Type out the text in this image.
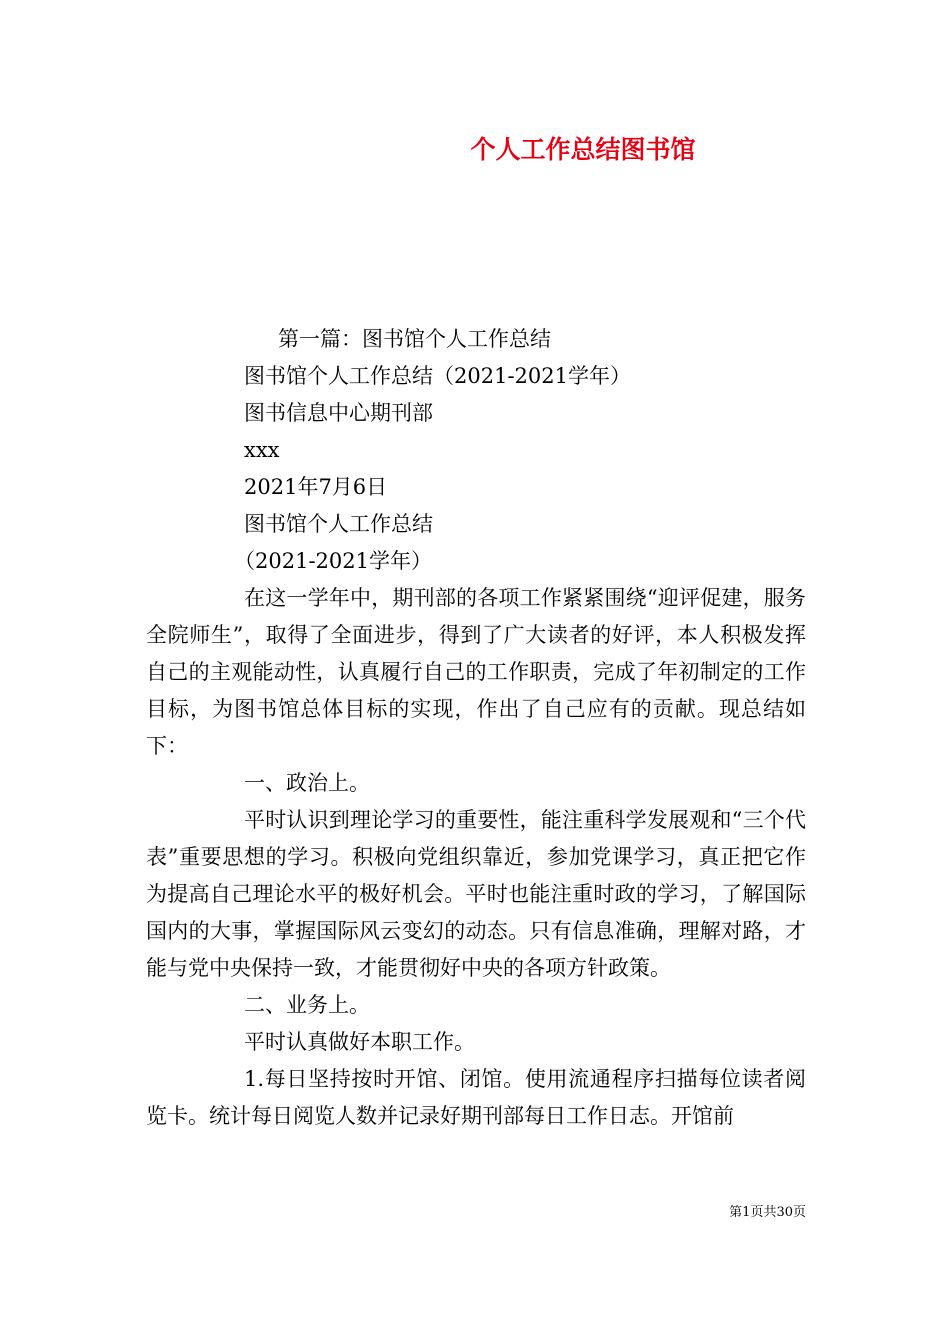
个人工作总结图书馆

第一篇：图书馆个人工作总结

图书馆个人工作总结（2021-2021学年）

图书信息中心期刊部

xxx

2021年7月6日

图书馆个人工作总结

（2021-2021学年）

在这一学年中，期刊部的各项工作紧紧围绕“迎评促建，服务全院师生”，取得了全面进步，得到了广大读者的好评，本人积极发挥自己的主观能动性，认真履行自己的工作职责，完成了年初制定的工作目标，为图书馆总体目标的实现，作出了自己应有的贡献。现总结如下：

一、政治上。

平时认识到理论学习的重要性，能注重科学发展观和“三个代表”重要思想的学习。积极向党组织靠近，参加党课学习，真正把它作为提高自己理论水平的极好机会。平时也能注重时政的学习，了解国际国内的大事，掌握国际风云变幻的动态。只有信息准确，理解对路，才能与党中央保持一致，才能贯彻好中央的各项方针政策。

二、业务上。

平时认真做好本职工作。

1.每日坚持按时开馆、闭馆。使用流通程序扫描每位读者阅览卡。统计每日阅览人数并记录好期刊部每日工作日志。开馆前

第1页共30页
